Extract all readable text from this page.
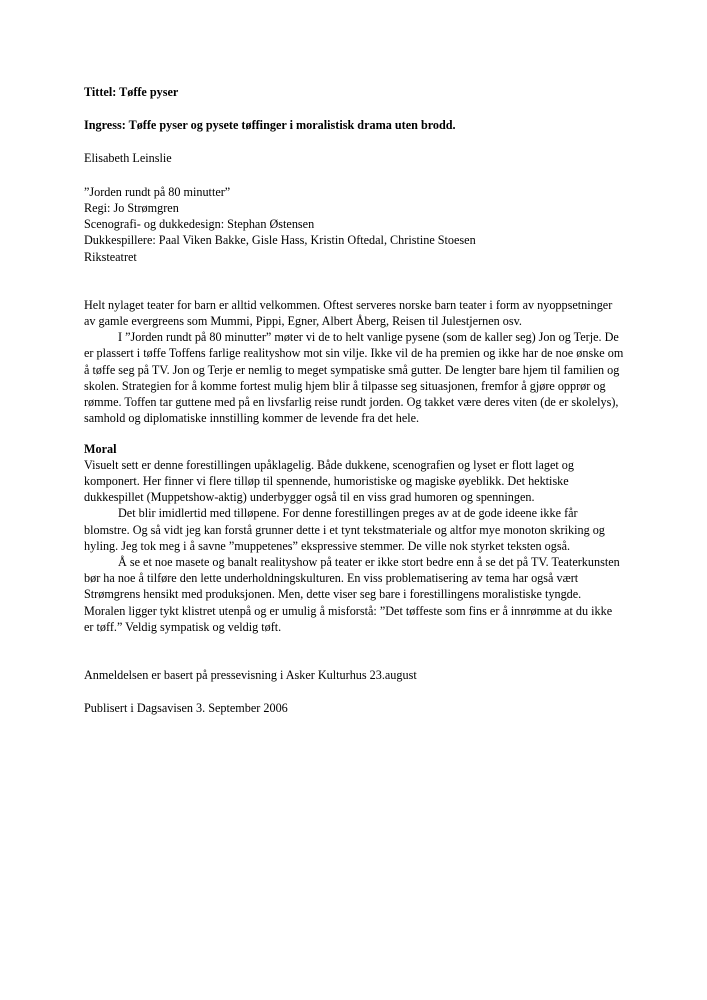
Tittel: Tøffe pyser

Ingress: Tøffe pyser og pysete tøffinger i moralistisk drama uten brodd.

Elisabeth Leinslie

”Jorden rundt på 80 minutter”

Regi: Jo Strømgren

Scenografi- og dukkedesign: Stephan Østensen

Dukkespillere: Paal Viken Bakke, Gisle Hass, Kristin Oftedal, Christine Stoesen

Riksteatret

Helt nylaget teater for barn er alltid velkommen. Oftest serveres norske barn teater i form av nyoppsetninger av gamle evergreens som Mummi, Pippi, Egner, Albert Åberg, Reisen til Julestjernen osv.

I ”Jorden rundt på 80 minutter” møter vi de to helt vanlige pysene (som de kaller seg) Jon og Terje. De er plassert i tøffe Toffens farlige realityshow mot sin vilje. Ikke vil de ha premien og ikke har de noe ønske om å tøffe seg på TV. Jon og Terje er nemlig to meget sympatiske små gutter. De lengter bare hjem til familien og skolen. Strategien for å komme fortest mulig hjem blir å tilpasse seg situasjonen, fremfor å gjøre opprør og rømme. Toffen tar guttene med på en livsfarlig reise rundt jorden. Og takket være deres viten (de er skolelys), samhold og diplomatiske innstilling kommer de levende fra det hele.

Moral

Visuelt sett er denne forestillingen upåklagelig. Både dukkene, scenografien og lyset er flott laget og komponert. Her finner vi flere tilløp til spennende, humoristiske og magiske øyeblikk. Det hektiske dukkespillet (Muppetshow-aktig) underbygger også til en viss grad humoren og spenningen.

Det blir imidlertid med tilløpene. For denne forestillingen preges av at de gode ideene ikke får blomstre. Og så vidt jeg kan forstå grunner dette i et tynt tekstmateriale og altfor mye monoton skriking og hyling. Jeg tok meg i å savne ”muppetenes” ekspressive stemmer. De ville nok styrket teksten også.

Å se et noe masete og banalt realityshow på teater er ikke stort bedre enn å se det på TV. Teaterkunsten bør ha noe å tilføre den lette underholdningskulturen. En viss problematisering av tema har også vært Strømgrens hensikt med produksjonen. Men, dette viser seg bare i forestillingens moralistiske tyngde. Moralen ligger tykt klistret utenpå og er umulig å misforstå: ”Det tøffeste som fins er å innrømme at du ikke er tøff.” Veldig sympatisk og veldig tøft.

Anmeldelsen er basert på pressevisning i Asker Kulturhus 23.august

Publisert i Dagsavisen 3. September 2006
